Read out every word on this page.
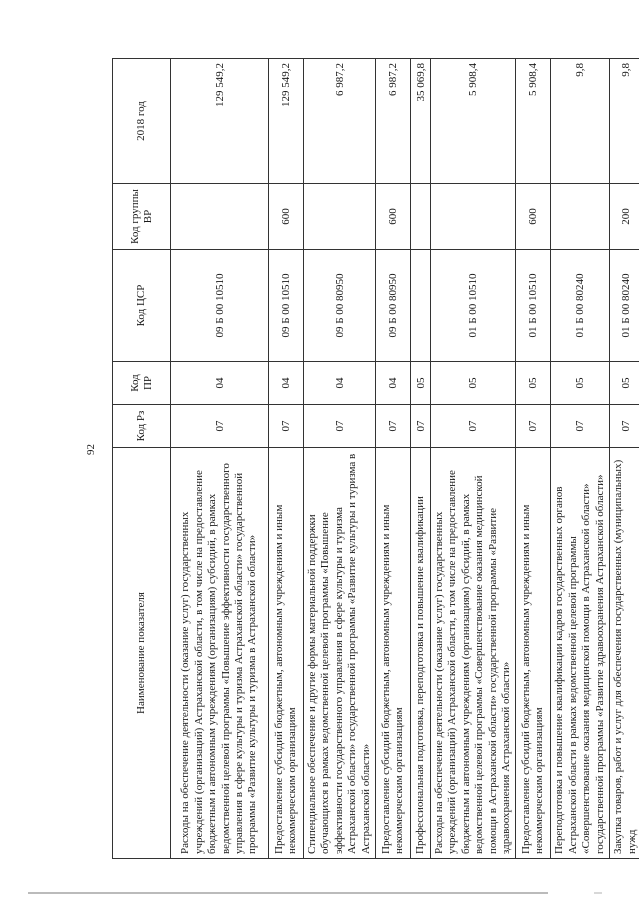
92
Наименование показателя	Код Рз	Код ПР	Код ЦСР	Код группы ВР	2018 год
Расходы на обеспечение деятельности (оказание услуг) государственных учреждений (организаций) Астраханской области, в том числе на предоставление бюджетным и автономным учреждениям (организациям) субсидий, в рамках ведомственной целевой программы «Повышение эффективности государственного управления в сфере культуры и туризма Астраханской области» государственной программы «Развитие культуры и туризма в Астраханской области»	07	04	09 Б 00 10510		129 549,2
Предоставление субсидий бюджетным, автономным учреждениям и иным некоммерческим организациям	07	04	09 Б 00 10510	600	129 549,2
Стипендиальное обеспечение и другие формы материальной поддержки обучающихся в рамках ведомственной целевой программы «Повышение эффективности государственного управления в сфере культуры и туризма Астраханской области» государственной программы «Развитие культуры и туризма в Астраханской области»	07	04	09 Б 00 80950		6 987,2
Предоставление субсидий бюджетным, автономным учреждениям и иным некоммерческим организациям	07	04	09 Б 00 80950	600	6 987,2
Профессиональная подготовка, переподготовка и повышение квалификации	07	05			35 069,8
Расходы на обеспечение деятельности (оказание услуг) государственных учреждений (организаций) Астраханской области, в том числе на предоставление бюджетным и автономным учреждениям (организациям) субсидий, в рамках ведомственной целевой программы «Совершенствование оказания медицинской помощи в Астраханской области» государственной программы «Развитие здравоохранения Астраханской области»	07	05	01 Б 00 10510		5 908,4
Предоставление субсидий бюджетным, автономным учреждениям и иным некоммерческим организациям	07	05	01 Б 00 10510	600	5 908,4
Переподготовка и повышение квалификации кадров государственных органов Астраханской области в рамках ведомственной целевой программы «Совершенствование оказания медицинской помощи в Астраханской области» государственной программы «Развитие здравоохранения Астраханской области»	07	05	01 Б 00 80240		9,8
Закупка товаров, работ и услуг для обеспечения государственных (муниципальных) нужд	07	05	01 Б 00 80240	200	9,8
